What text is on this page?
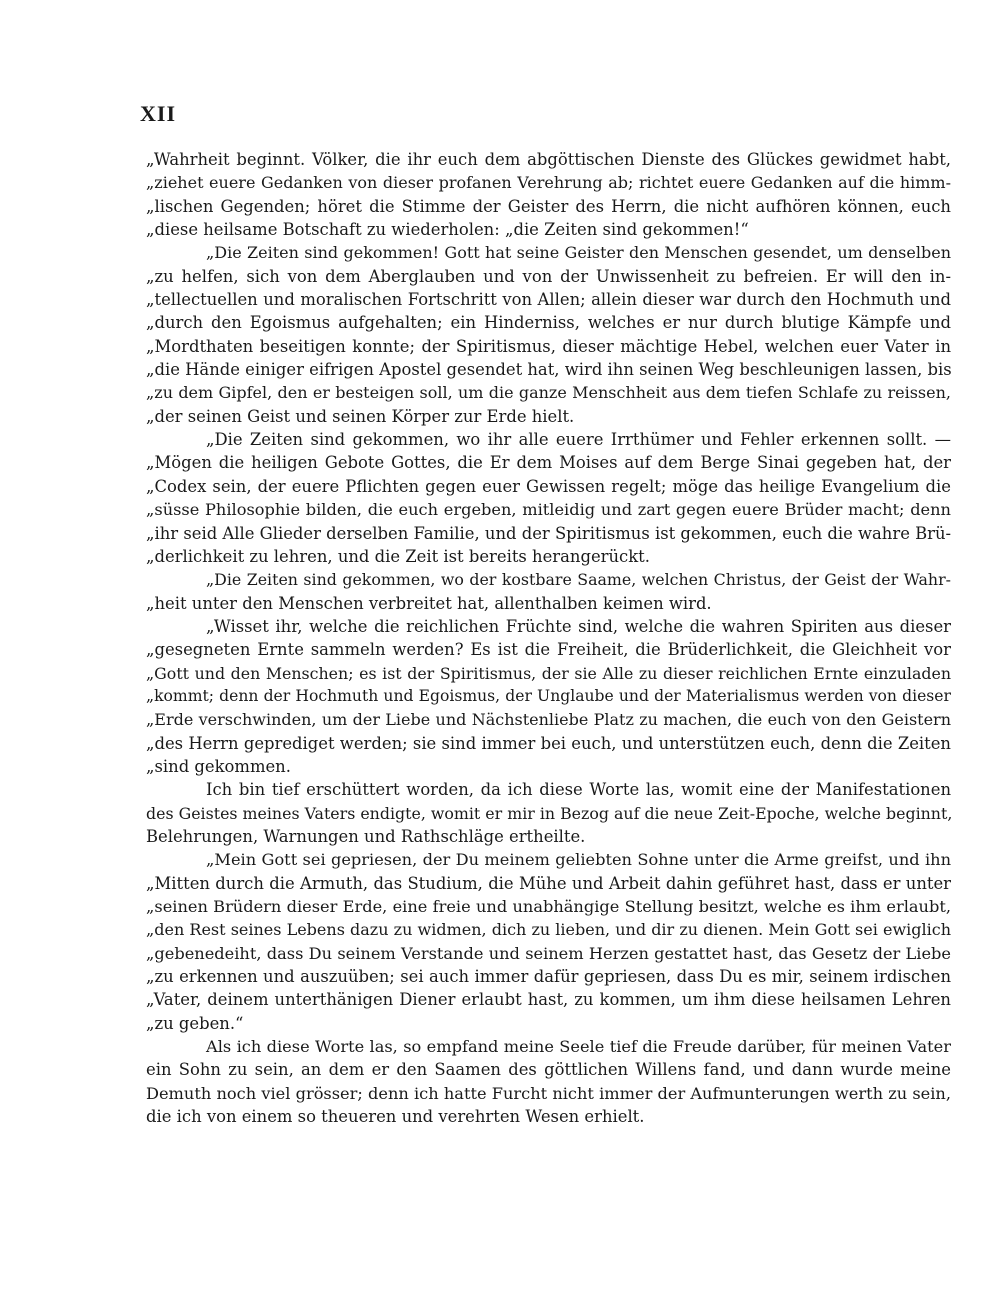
XII
„Wahrheit beginnt. Völker, die ihr euch dem abgöttischen Dienste des Glückes gewidmet habt,
„ziehet euere Gedanken von dieser profanen Verehrung ab; richtet euere Gedanken auf die himm-
„lischen Gegenden; höret die Stimme der Geister des Herrn, die nicht aufhören können, euch
„diese heilsame Botschaft zu wiederholen: „die Zeiten sind gekommen!“
„Die Zeiten sind gekommen! Gott hat seine Geister den Menschen gesendet, um denselben
„zu helfen, sich von dem Aberglauben und von der Unwissenheit zu befreien. Er will den in-
„tellectuellen und moralischen Fortschritt von Allen; allein dieser war durch den Hochmuth und
„durch den Egoismus aufgehalten; ein Hinderniss, welches er nur durch blutige Kämpfe und
„Mordthaten beseitigen konnte; der Spiritismus, dieser mächtige Hebel, welchen euer Vater in
„die Hände einiger eifrigen Apostel gesendet hat, wird ihn seinen Weg beschleunigen lassen, bis
„zu dem Gipfel, den er besteigen soll, um die ganze Menschheit aus dem tiefen Schlafe zu reissen,
„der seinen Geist und seinen Körper zur Erde hielt.
„Die Zeiten sind gekommen, wo ihr alle euere Irrthümer und Fehler erkennen sollt. —
„Mögen die heiligen Gebote Gottes, die Er dem Moises auf dem Berge Sinai gegeben hat, der
„Codex sein, der euere Pflichten gegen euer Gewissen regelt; möge das heilige Evangelium die
„süsse Philosophie bilden, die euch ergeben, mitleidig und zart gegen euere Brüder macht; denn
„ihr seid Alle Glieder derselben Familie, und der Spiritismus ist gekommen, euch die wahre Brü-
„derlichkeit zu lehren, und die Zeit ist bereits herangerückt.
„Die Zeiten sind gekommen, wo der kostbare Saame, welchen Christus, der Geist der Wahr-
„heit unter den Menschen verbreitet hat, allenthalben keimen wird.
„Wisset ihr, welche die reichlichen Früchte sind, welche die wahren Spiriten aus dieser
„gesegneten Ernte sammeln werden? Es ist die Freiheit, die Brüderlichkeit, die Gleichheit vor
„Gott und den Menschen; es ist der Spiritismus, der sie Alle zu dieser reichlichen Ernte einzuladen
„kommt; denn der Hochmuth und Egoismus, der Unglaube und der Materialismus werden von dieser
„Erde verschwinden, um der Liebe und Nächstenliebe Platz zu machen, die euch von den Geistern
„des Herrn geprediget werden; sie sind immer bei euch, und unterstützen euch, denn die Zeiten
„sind gekommen.
Ich bin tief erschüttert worden, da ich diese Worte las, womit eine der Manifestationen
des Geistes meines Vaters endigte, womit er mir in Bezog auf die neue Zeit-Epoche, welche beginnt,
Belehrungen, Warnungen und Rathschläge ertheilte.
„Mein Gott sei gepriesen, der Du meinem geliebten Sohne unter die Arme greifst, und ihn
„Mitten durch die Armuth, das Studium, die Mühe und Arbeit dahin geführet hast, dass er unter
„seinen Brüdern dieser Erde, eine freie und unabhängige Stellung besitzt, welche es ihm erlaubt,
„den Rest seines Lebens dazu zu widmen, dich zu lieben, und dir zu dienen. Mein Gott sei ewiglich
„gebenedeiht, dass Du seinem Verstande und seinem Herzen gestattet hast, das Gesetz der Liebe
„zu erkennen und auszuüben; sei auch immer dafür gepriesen, dass Du es mir, seinem irdischen
„Vater, deinem unterthänigen Diener erlaubt hast, zu kommen, um ihm diese heilsamen Lehren
„zu geben.“
Als ich diese Worte las, so empfand meine Seele tief die Freude darüber, für meinen Vater
ein Sohn zu sein, an dem er den Saamen des göttlichen Willens fand, und dann wurde meine
Demuth noch viel grösser; denn ich hatte Furcht nicht immer der Aufmunterungen werth zu sein,
die ich von einem so theueren und verehrten Wesen erhielt.
